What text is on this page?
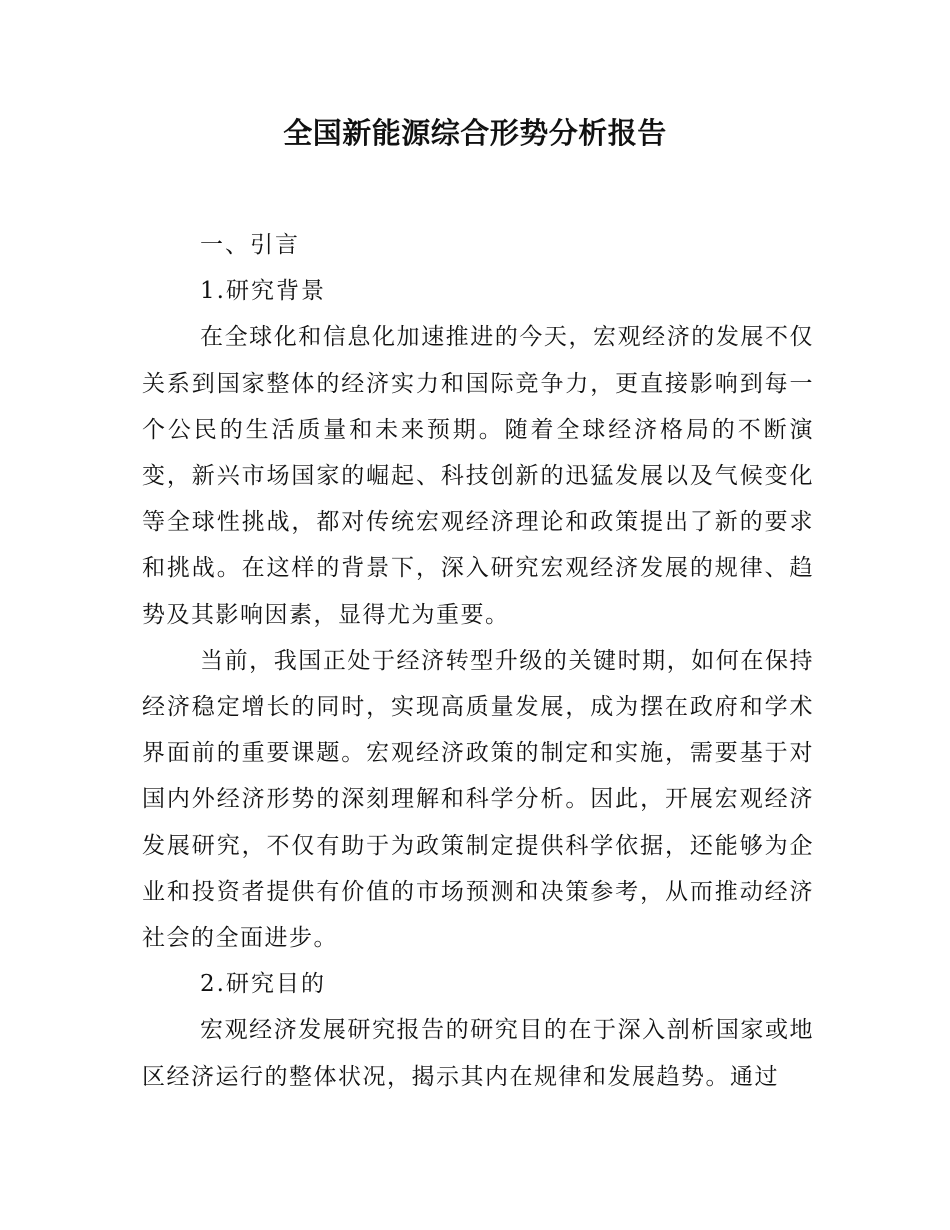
全国新能源综合形势分析报告

一、引言

1.研究背景

在全球化和信息化加速推进的今天，宏观经济的发展不仅关系到国家整体的经济实力和国际竞争力，更直接影响到每一个公民的生活质量和未来预期。随着全球经济格局的不断演变，新兴市场国家的崛起、科技创新的迅猛发展以及气候变化等全球性挑战，都对传统宏观经济理论和政策提出了新的要求和挑战。在这样的背景下，深入研究宏观经济发展的规律、趋势及其影响因素，显得尤为重要。

当前，我国正处于经济转型升级的关键时期，如何在保持经济稳定增长的同时，实现高质量发展，成为摆在政府和学术界面前的重要课题。宏观经济政策的制定和实施，需要基于对国内外经济形势的深刻理解和科学分析。因此，开展宏观经济发展研究，不仅有助于为政策制定提供科学依据，还能够为企业和投资者提供有价值的市场预测和决策参考，从而推动经济社会的全面进步。

2.研究目的

宏观经济发展研究报告的研究目的在于深入剖析国家或地区经济运行的整体状况，揭示其内在规律和发展趋势。通过
